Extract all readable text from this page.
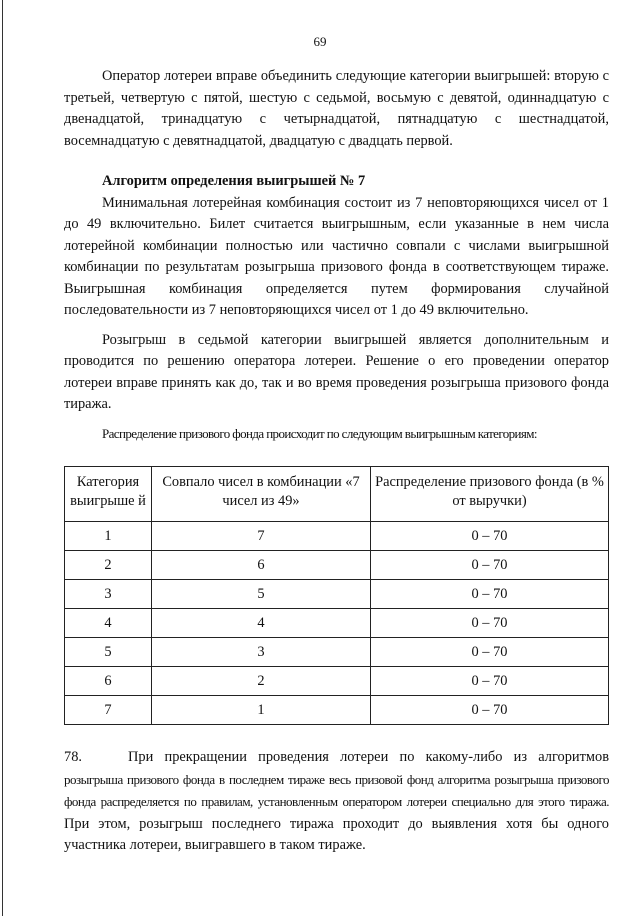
69

Оператор лотереи вправе объединить следующие категории выигрышей: вторую с третьей, четвертую с пятой, шестую с седьмой, восьмую с девятой, одиннадцатую с двенадцатой, тринадцатую с четырнадцатой, пятнадцатую с шестнадцатой, восемнадцатую с девятнадцатой, двадцатую с двадцать первой.

Алгоритм определения выигрышей № 7

Минимальная лотерейная комбинация состоит из 7 неповторяющихся чисел от 1 до 49 включительно. Билет считается выигрышным, если указанные в нем числа лотерейной комбинации полностью или частично совпали с числами выигрышной комбинации по результатам розыгрыша призового фонда в соответствующем тираже. Выигрышная комбинация определяется путем формирования случайной последовательности из 7 неповторяющихся чисел от 1 до 49 включительно.

Розыгрыш в седьмой категории выигрышей является дополнительным и проводится по решению оператора лотереи. Решение о его проведении оператор лотереи вправе принять как до, так и во время проведения розыгрыша призового фонда тиража.

Распределение призового фонда происходит по следующим выигрышным категориям:

Категория выигрыше й	Совпало чисел в комбинации «7 чисел из 49»	Распределение призового фонда (в % от выручки)
1	7	0 – 70
2	6	0 – 70
3	5	0 – 70
4	4	0 – 70
5	3	0 – 70
6	2	0 – 70
7	1	0 – 70

78.	При прекращении проведения лотереи по какому-либо из алгоритмов розыгрыша призового фонда в последнем тираже весь призовой фонд алгоритма розыгрыша призового фонда распределяется по правилам, установленным оператором лотереи специально для этого тиража. При этом, розыгрыш последнего тиража проходит до выявления хотя бы одного участника лотереи, выигравшего в таком тираже.
